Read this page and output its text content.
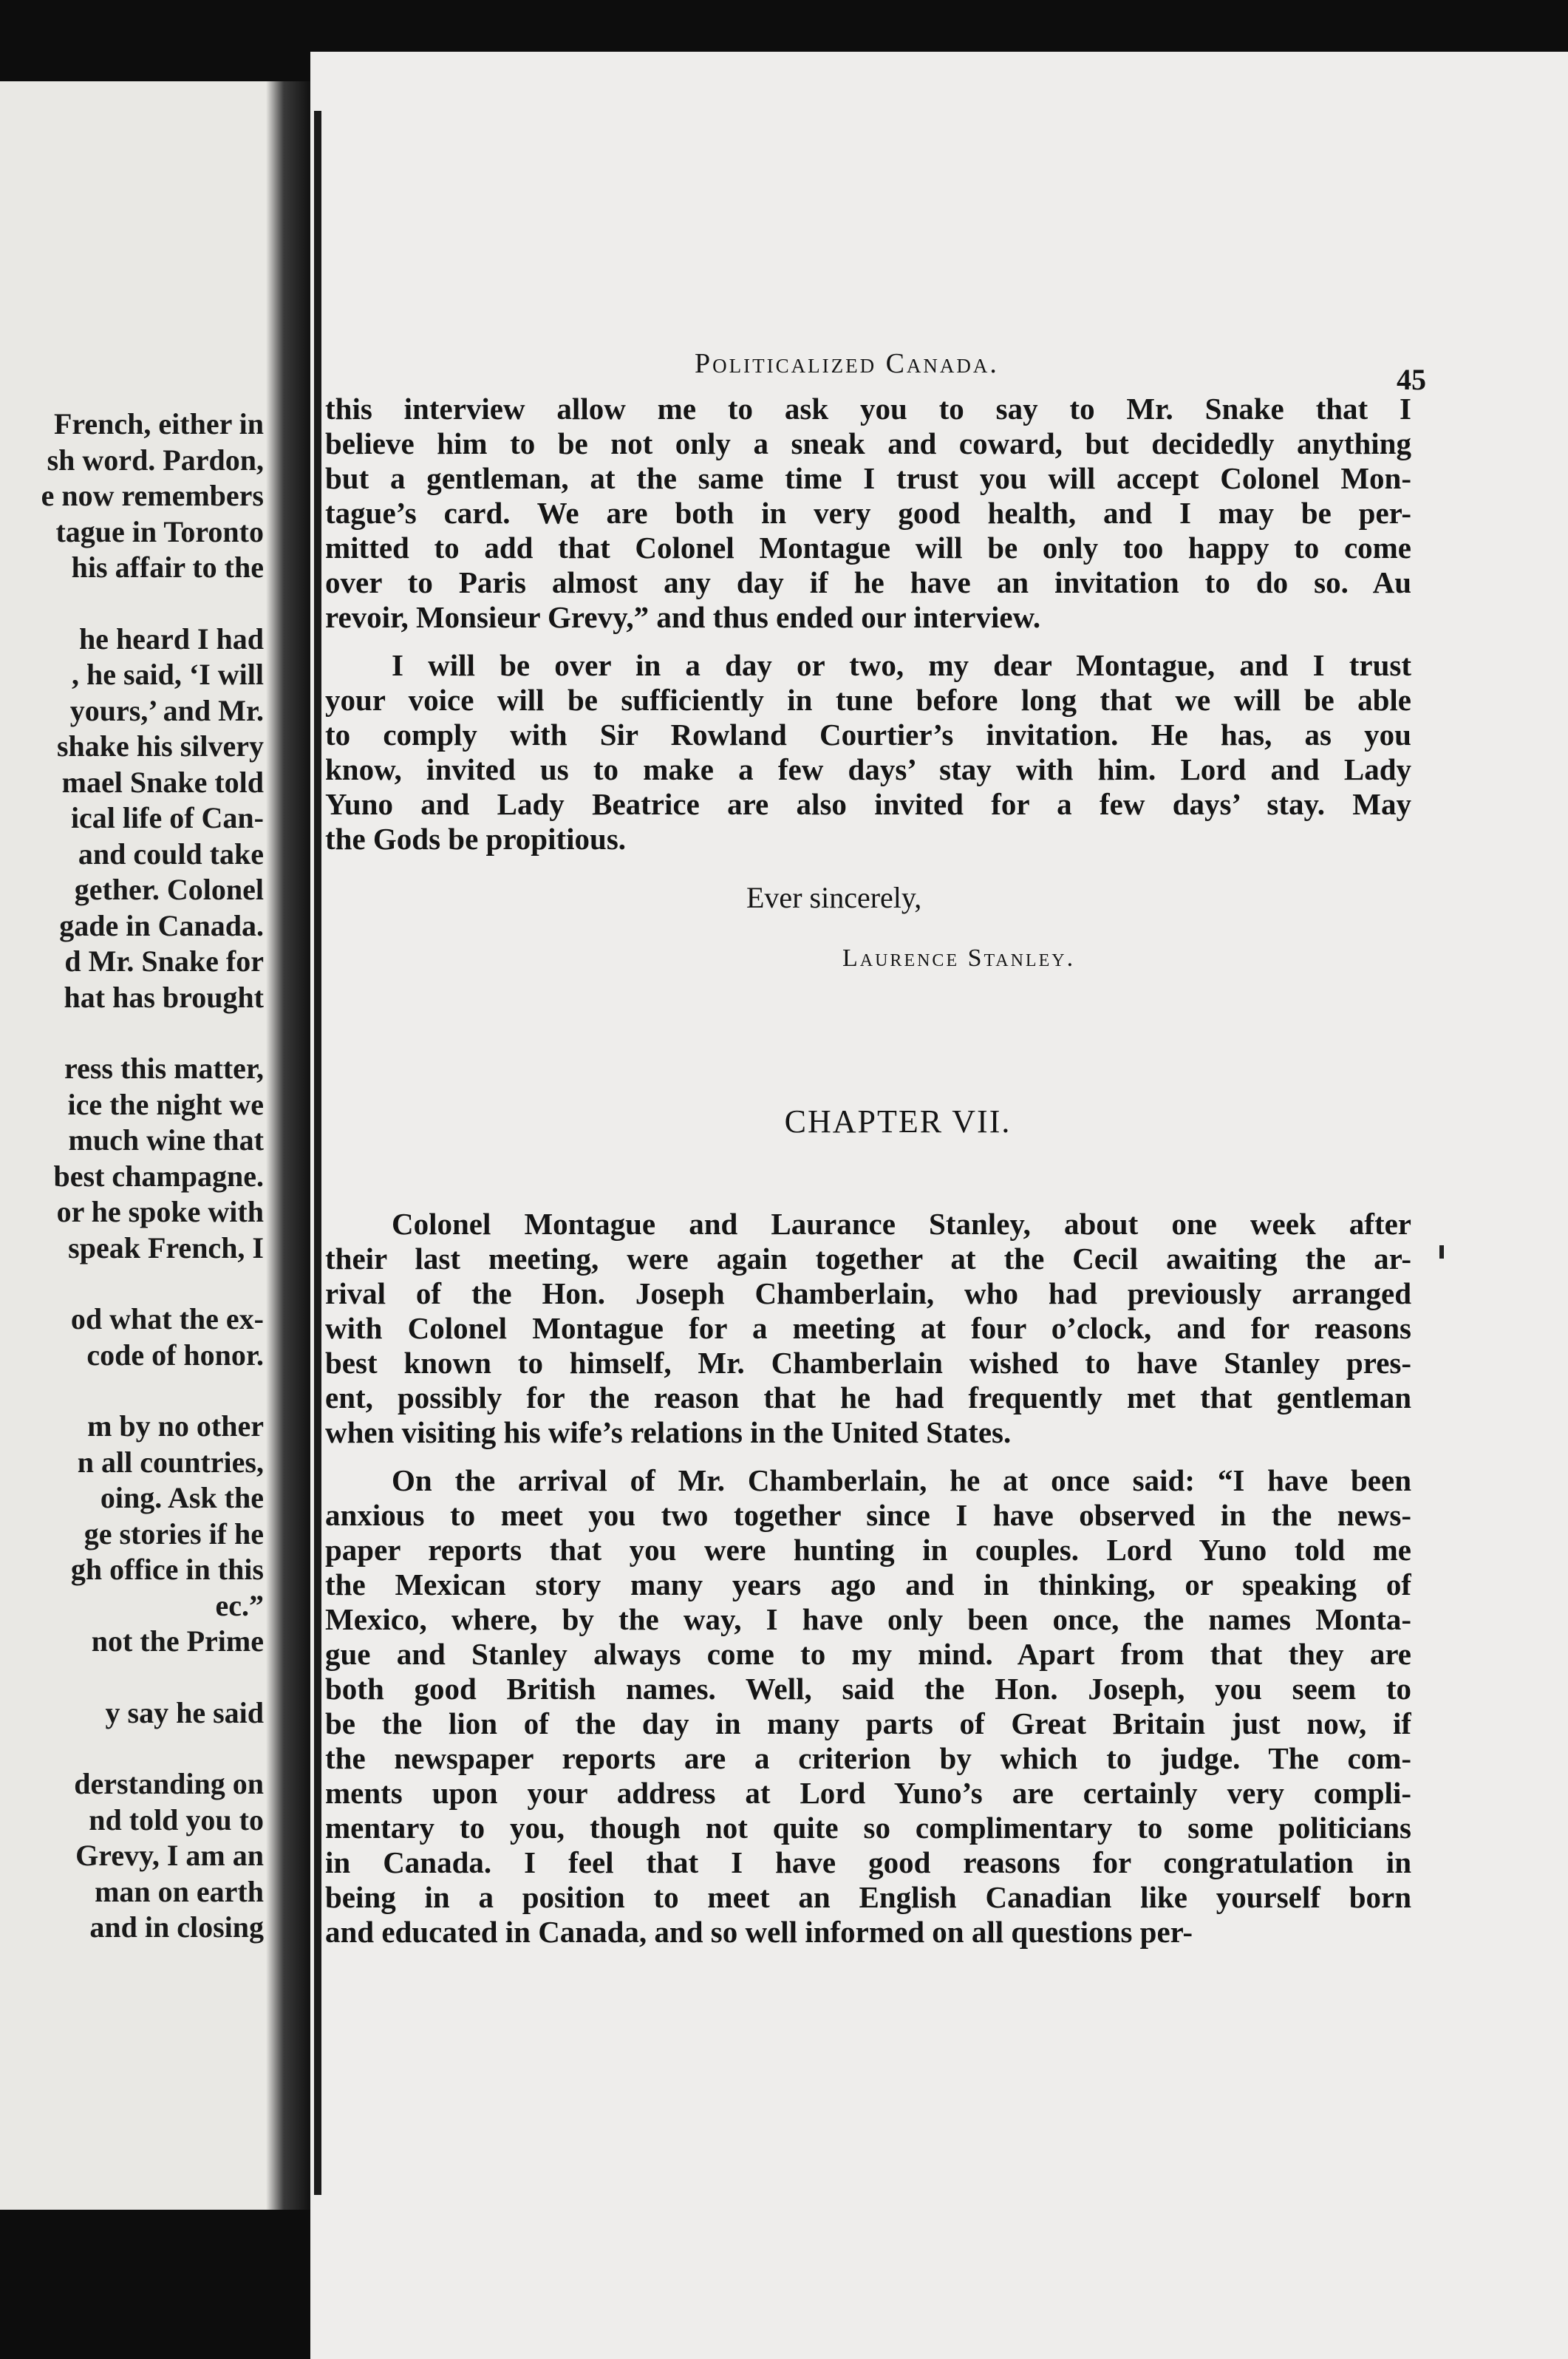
French, either in
sh word. Pardon,
e now remembers
tague in Toronto
his affair to the
he heard I had
, he said, ‘I will
yours,’ and Mr.
shake his silvery
mael Snake told
ical life of Can-
and could take
gether. Colonel
gade in Canada.
d Mr. Snake for
hat has brought
ress this matter,
ice the night we
much wine that
best champagne.
or he spoke with
speak French, I
od what the ex-
code of honor.
m by no other
n all countries,
oing. Ask the
ge stories if he
gh office in this
ec.”
not the Prime
y say he said
derstanding on
nd told you to
Grevy, I am an
man on earth
and in closing
Politicalized Canada.	45
this interview allow me to ask you to say to Mr. Snake that I
believe him to be not only a sneak and coward, but decidedly anything
but a gentleman, at the same time I trust you will accept Colonel Mon-
tague’s card. We are both in very good health, and I may be per-
mitted to add that Colonel Montague will be only too happy to come
over to Paris almost any day if he have an invitation to do so. Au
revoir, Monsieur Grevy,” and thus ended our interview.
I will be over in a day or two, my dear Montague, and I trust
your voice will be sufficiently in tune before long that we will be able
to comply with Sir Rowland Courtier’s invitation. He has, as you
know, invited us to make a few days’ stay with him. Lord and Lady
Yuno and Lady Beatrice are also invited for a few days’ stay. May
the Gods be propitious.
Ever sincerely,
Laurence Stanley.
CHAPTER VII.
Colonel Montague and Laurance Stanley, about one week after
their last meeting, were again together at the Cecil awaiting the ar-
rival of the Hon. Joseph Chamberlain, who had previously arranged
with Colonel Montague for a meeting at four o’clock, and for reasons
best known to himself, Mr. Chamberlain wished to have Stanley pres-
ent, possibly for the reason that he had frequently met that gentleman
when visiting his wife’s relations in the United States.
On the arrival of Mr. Chamberlain, he at once said: “I have been
anxious to meet you two together since I have observed in the news-
paper reports that you were hunting in couples. Lord Yuno told me
the Mexican story many years ago and in thinking, or speaking of
Mexico, where, by the way, I have only been once, the names Monta-
gue and Stanley always come to my mind. Apart from that they are
both good British names. Well, said the Hon. Joseph, you seem to
be the lion of the day in many parts of Great Britain just now, if
the newspaper reports are a criterion by which to judge. The com-
ments upon your address at Lord Yuno’s are certainly very compli-
mentary to you, though not quite so complimentary to some politicians
in Canada. I feel that I have good reasons for congratulation in
being in a position to meet an English Canadian like yourself born
and educated in Canada, and so well informed on all questions per-
